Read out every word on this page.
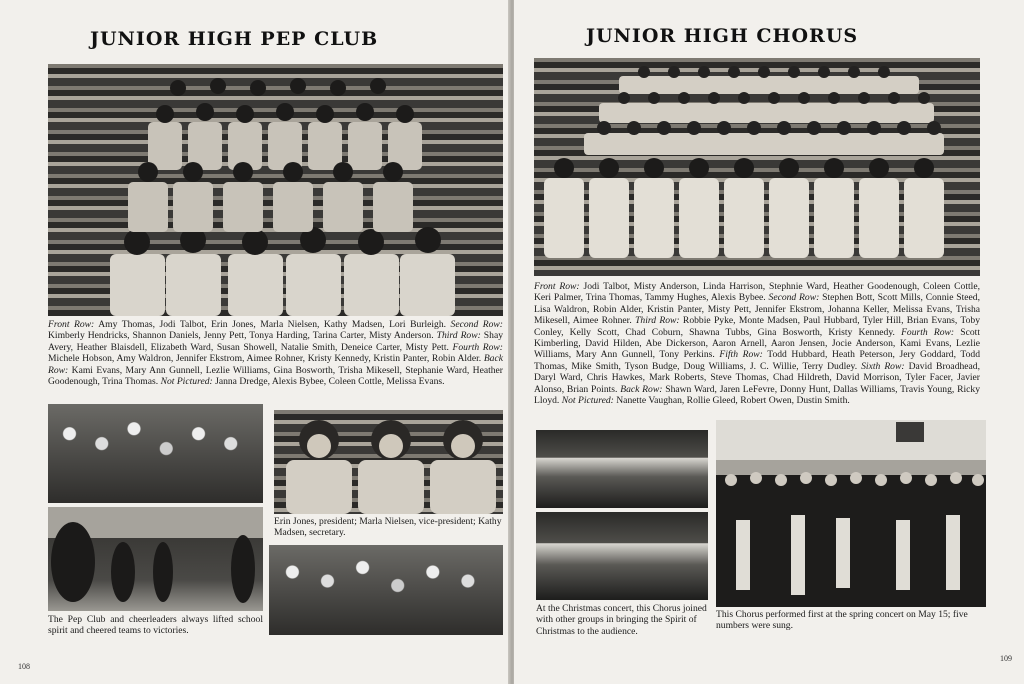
JUNIOR HIGH PEP CLUB
Front Row: Amy Thomas, Jodi Talbot, Erin Jones, Marla Nielsen, Kathy Madsen, Lori Burleigh. Second Row: Kimberly Hendricks, Shannon Daniels, Jenny Pett, Tonya Harding, Tarina Carter, Misty Anderson. Third Row: Shay Avery, Heather Blaisdell, Elizabeth Ward, Susan Showell, Natalie Smith, Deneice Carter, Misty Pett. Fourth Row: Michele Hobson, Amy Waldron, Jennifer Ekstrom, Aimee Rohner, Kristy Kennedy, Kristin Panter, Robin Alder. Back Row: Kami Evans, Mary Ann Gunnell, Lezlie Williams, Gina Bosworth, Trisha Mikesell, Stephanie Ward, Heather Goodenough, Trina Thomas. Not Pictured: Janna Dredge, Alexis Bybee, Coleen Cottle, Melissa Evans.
Erin Jones, president; Marla Nielsen, vice-president; Kathy Madsen, secretary.
The Pep Club and cheerleaders always lifted school spirit and cheered teams to victories.
108
JUNIOR HIGH CHORUS
Front Row: Jodi Talbot, Misty Anderson, Linda Harrison, Stephnie Ward, Heather Goodenough, Coleen Cottle, Keri Palmer, Trina Thomas, Tammy Hughes, Alexis Bybee. Second Row: Stephen Bott, Scott Mills, Connie Steed, Lisa Waldron, Robin Alder, Kristin Panter, Misty Pett, Jennifer Ekstrom, Johanna Keller, Melissa Evans, Trisha Mikesell, Aimee Rohner. Third Row: Robbie Pyke, Monte Madsen, Paul Hubbard, Tyler Hill, Brian Evans, Toby Conley, Kelly Scott, Chad Coburn, Shawna Tubbs, Gina Bosworth, Kristy Kennedy. Fourth Row: Scott Kimberling, David Hilden, Abe Dickerson, Aaron Arnell, Aaron Jensen, Jocie Anderson, Kami Evans, Lezlie Williams, Mary Ann Gunnell, Tony Perkins. Fifth Row: Todd Hubbard, Heath Peterson, Jery Goddard, Todd Thomas, Mike Smith, Tyson Budge, Doug Williams, J. C. Willie, Terry Dudley. Sixth Row: David Broadhead, Daryl Ward, Chris Hawkes, Mark Roberts, Steve Thomas, Chad Hildreth, David Morrison, Tyler Facer, Javier Alonso, Brian Points. Back Row: Shawn Ward, Jaren LeFevre, Donny Hunt, Dallas Williams, Travis Young, Ricky Lloyd. Not Pictured: Nanette Vaughan, Rollie Gleed, Robert Owen, Dustin Smith.
At the Christmas concert, this Chorus joined with other groups in bringing the Spirit of Christmas to the audience.
This Chorus performed first at the spring concert on May 15; five numbers were sung.
109
